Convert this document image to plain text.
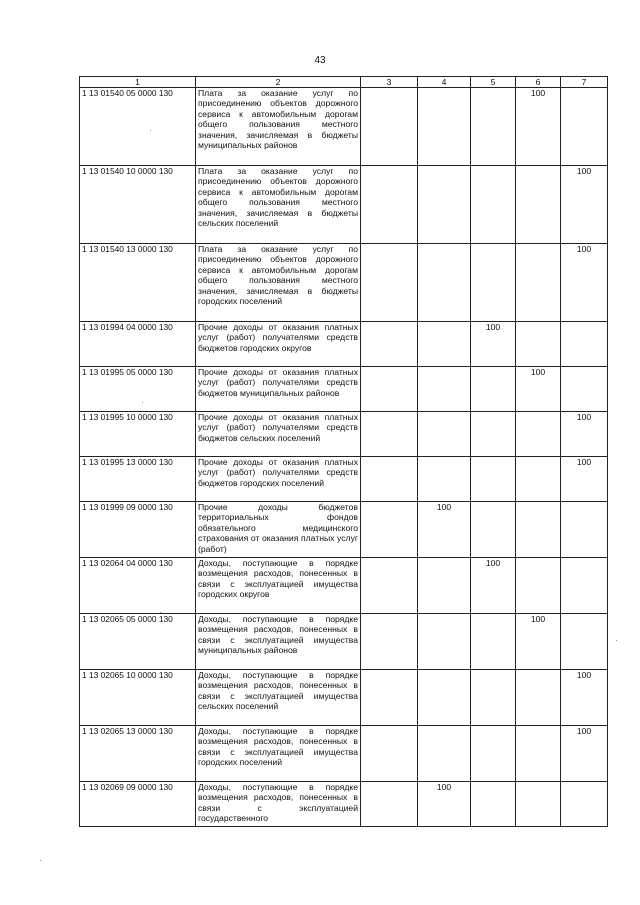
43
1	2	3	4	5	6	7
1 13 01540 05 0000 130	Плата за оказание услуг по присоединению объектов дорожного сервиса к автомобильным дорогам общего пользования местного значения, зачисляемая в бюджеты муниципальных районов				100	
1 13 01540 10 0000 130	Плата за оказание услуг по присоединению объектов дорожного сервиса к автомобильным дорогам общего пользования местного значения, зачисляемая в бюджеты сельских поселений					100
1 13 01540 13 0000 130	Плата за оказание услуг по присоединению объектов дорожного сервиса к автомобильным дорогам общего пользования местного значения, зачисляемая в бюджеты городских поселений					100
1 13 01994 04 0000 130	Прочие доходы от оказания платных услуг (работ) получателями средств бюджетов городских округов			100		
1 13 01995 05 0000 130	Прочие доходы от оказания платных услуг (работ) получателями средств бюджетов муниципальных районов				100	
1 13 01995 10 0000 130	Прочие доходы от оказания платных услуг (работ) получателями средств бюджетов сельских поселений					100
1 13 01995 13 0000 130	Прочие доходы от оказания платных услуг (работ) получателями средств бюджетов городских поселений					100
1 13 01999 09 0000 130	Прочие доходы бюджетов территориальных фондов обязательного медицинского страхования от оказания платных услуг (работ)		100			
1 13 02064 04 0000 130	Доходы, поступающие в порядке возмещения расходов, понесенных в связи с эксплуатацией имущества городских округов			100		
1 13 02065 05 0000 130	Доходы, поступающие в порядке возмещения расходов, понесенных в связи с эксплуатацией имущества муниципальных районов				100	
1 13 02065 10 0000 130	Доходы, поступающие в порядке возмещения расходов, понесенных в связи с эксплуатацией имущества сельских поселений					100
1 13 02065 13 0000 130	Доходы, поступающие в порядке возмещения расходов, понесенных в связи с эксплуатацией имущества городских поселений					100
1 13 02069 09 0000 130	Доходы, поступающие в порядке возмещения расходов, понесенных в связи с эксплуатацией государственного		100			
